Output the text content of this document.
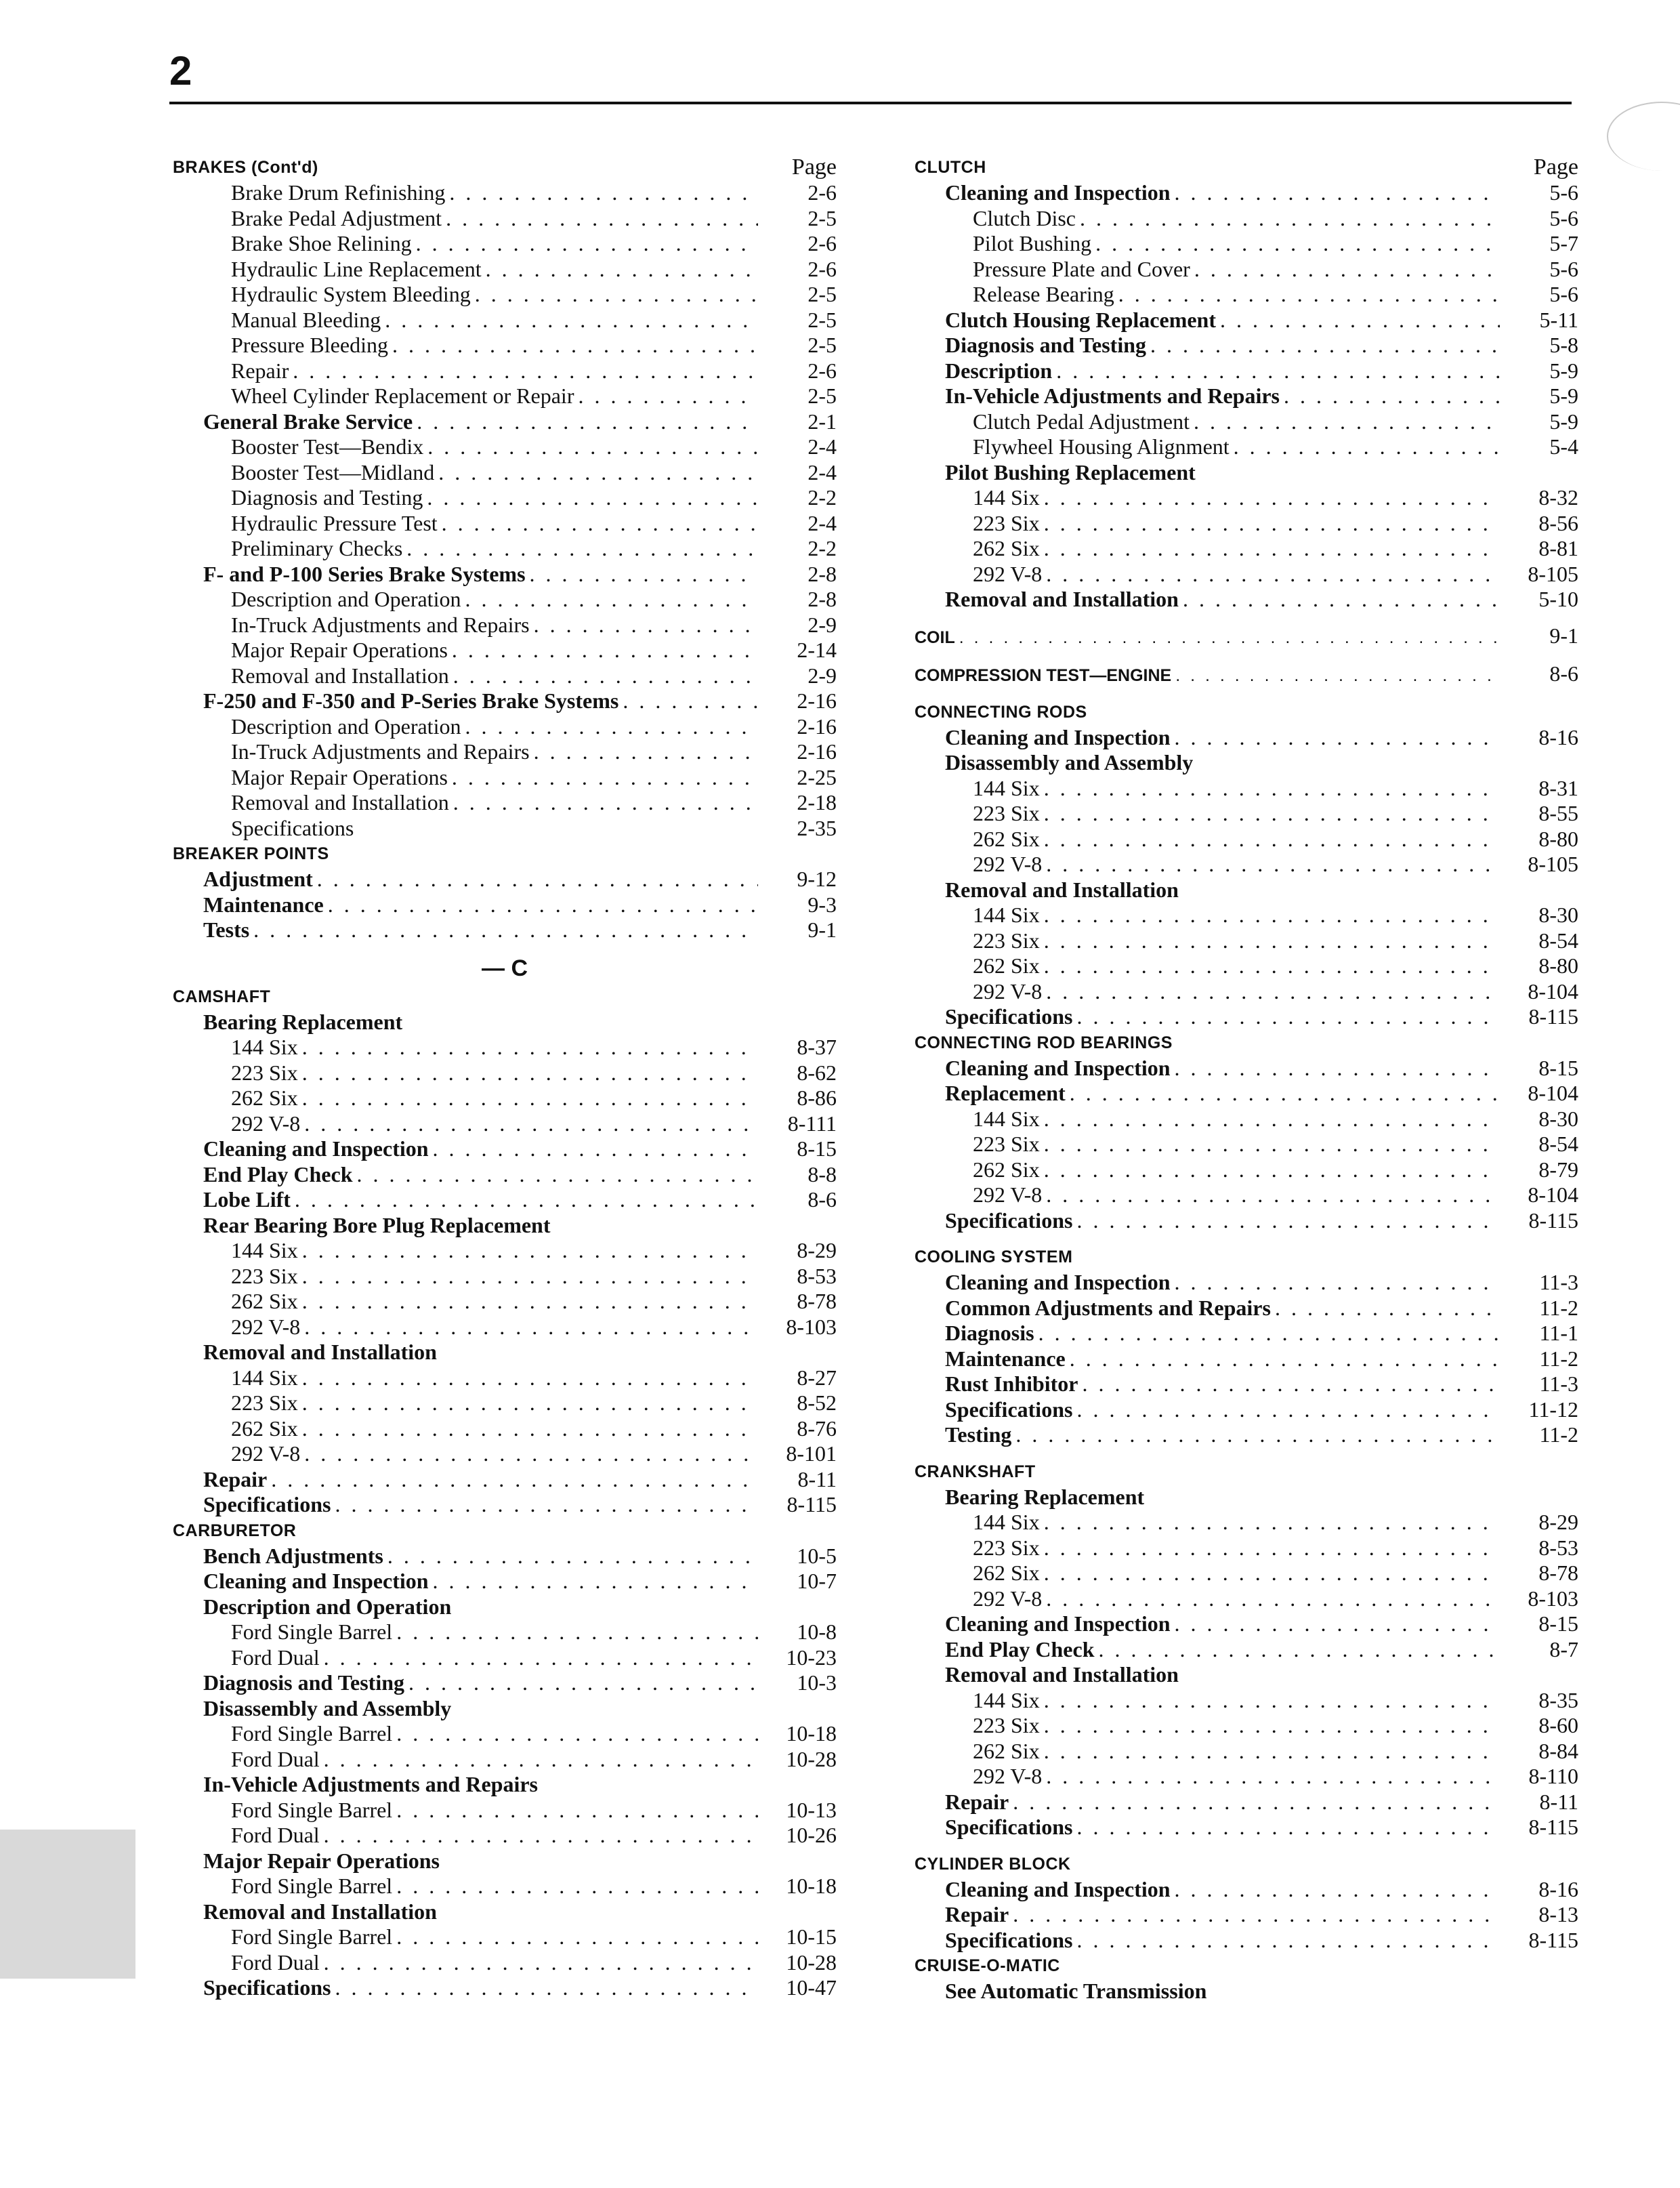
2
BRAKES (Cont'd)	Page
Brake Drum Refinishing . . .	2-6
Brake Pedal Adjustment . . .	2-5
Brake Shoe Relining . . .	2-6
Hydraulic Line Replacement . . .	2-6
Hydraulic System Bleeding . . .	2-5
Manual Bleeding . . .	2-5
Pressure Bleeding . . .	2-5
Repair . . .	2-6
Wheel Cylinder Replacement or Repair . . .	2-5
General Brake Service . . .	2-1
Booster Test—Bendix . . .	2-4
Booster Test—Midland . . .	2-4
Diagnosis and Testing . . .	2-2
Hydraulic Pressure Test . . .	2-4
Preliminary Checks . . .	2-2
F- and P-100 Series Brake Systems . . .	2-8
Description and Operation . . .	2-8
In-Truck Adjustments and Repairs . . .	2-9
Major Repair Operations . . .	2-14
Removal and Installation . . .	2-9
F-250 and F-350 and P-Series Brake Systems . . .	2-16
Description and Operation . . .	2-16
In-Truck Adjustments and Repairs . . .	2-16
Major Repair Operations . . .	2-25
Removal and Installation . . .	2-18
Specifications	2-35
BREAKER POINTS
Adjustment . . .	9-12
Maintenance . . .	9-3
Tests . . .	9-1
— C
CAMSHAFT
Bearing Replacement
144 Six . . .	8-37
223 Six . . .	8-62
262 Six . . .	8-86
292 V-8 . . .	8-111
Cleaning and Inspection . . .	8-15
End Play Check . . .	8-8
Lobe Lift . . .	8-6
Rear Bearing Bore Plug Replacement
144 Six . . .	8-29
223 Six . . .	8-53
262 Six . . .	8-78
292 V-8 . . .	8-103
Removal and Installation
144 Six . . .	8-27
223 Six . . .	8-52
262 Six . . .	8-76
292 V-8 . . .	8-101
Repair . . .	8-11
Specifications . . .	8-115
CARBURETOR
Bench Adjustments . . .	10-5
Cleaning and Inspection . . .	10-7
Description and Operation
Ford Single Barrel . . .	10-8
Ford Dual . . .	10-23
Diagnosis and Testing . . .	10-3
Disassembly and Assembly
Ford Single Barrel . . .	10-18
Ford Dual . . .	10-28
In-Vehicle Adjustments and Repairs
Ford Single Barrel . . .	10-13
Ford Dual . . .	10-26
Major Repair Operations
Ford Single Barrel . . .	10-18
Removal and Installation
Ford Single Barrel . . .	10-15
Ford Dual . . .	10-28
Specifications . . .	10-47
CLUTCH	Page
Cleaning and Inspection . . .	5-6
Clutch Disc . . .	5-6
Pilot Bushing . . .	5-7
Pressure Plate and Cover . . .	5-6
Release Bearing . . .	5-6
Clutch Housing Replacement . . .	5-11
Diagnosis and Testing . . .	5-8
Description . . .	5-9
In-Vehicle Adjustments and Repairs . . .	5-9
Clutch Pedal Adjustment . . .	5-9
Flywheel Housing Alignment . . .	5-4
Pilot Bushing Replacement
144 Six . . .	8-32
223 Six . . .	8-56
262 Six . . .	8-81
292 V-8 . . .	8-105
Removal and Installation . . .	5-10
COIL . . .	9-1
COMPRESSION TEST—ENGINE . . .	8-6
CONNECTING RODS
Cleaning and Inspection . . .	8-16
Disassembly and Assembly
144 Six . . .	8-31
223 Six . . .	8-55
262 Six . . .	8-80
292 V-8 . . .	8-105
Removal and Installation
144 Six . . .	8-30
223 Six . . .	8-54
262 Six . . .	8-80
292 V-8 . . .	8-104
Specifications . . .	8-115
CONNECTING ROD BEARINGS
Cleaning and Inspection . . .	8-15
Replacement . . .	8-104
144 Six . . .	8-30
223 Six . . .	8-54
262 Six . . .	8-79
292 V-8 . . .	8-104
Specifications . . .	8-115
COOLING SYSTEM
Cleaning and Inspection . . .	11-3
Common Adjustments and Repairs . . .	11-2
Diagnosis . . .	11-1
Maintenance . . .	11-2
Rust Inhibitor . . .	11-3
Specifications . . .	11-12
Testing . . .	11-2
CRANKSHAFT
Bearing Replacement
144 Six . . .	8-29
223 Six . . .	8-53
262 Six . . .	8-78
292 V-8 . . .	8-103
Cleaning and Inspection . . .	8-15
End Play Check . . .	8-7
Removal and Installation
144 Six . . .	8-35
223 Six . . .	8-60
262 Six . . .	8-84
292 V-8 . . .	8-110
Repair . . .	8-11
Specifications . . .	8-115
CYLINDER BLOCK
Cleaning and Inspection . . .	8-16
Repair . . .	8-13
Specifications . . .	8-115
CRUISE-O-MATIC
See Automatic Transmission
